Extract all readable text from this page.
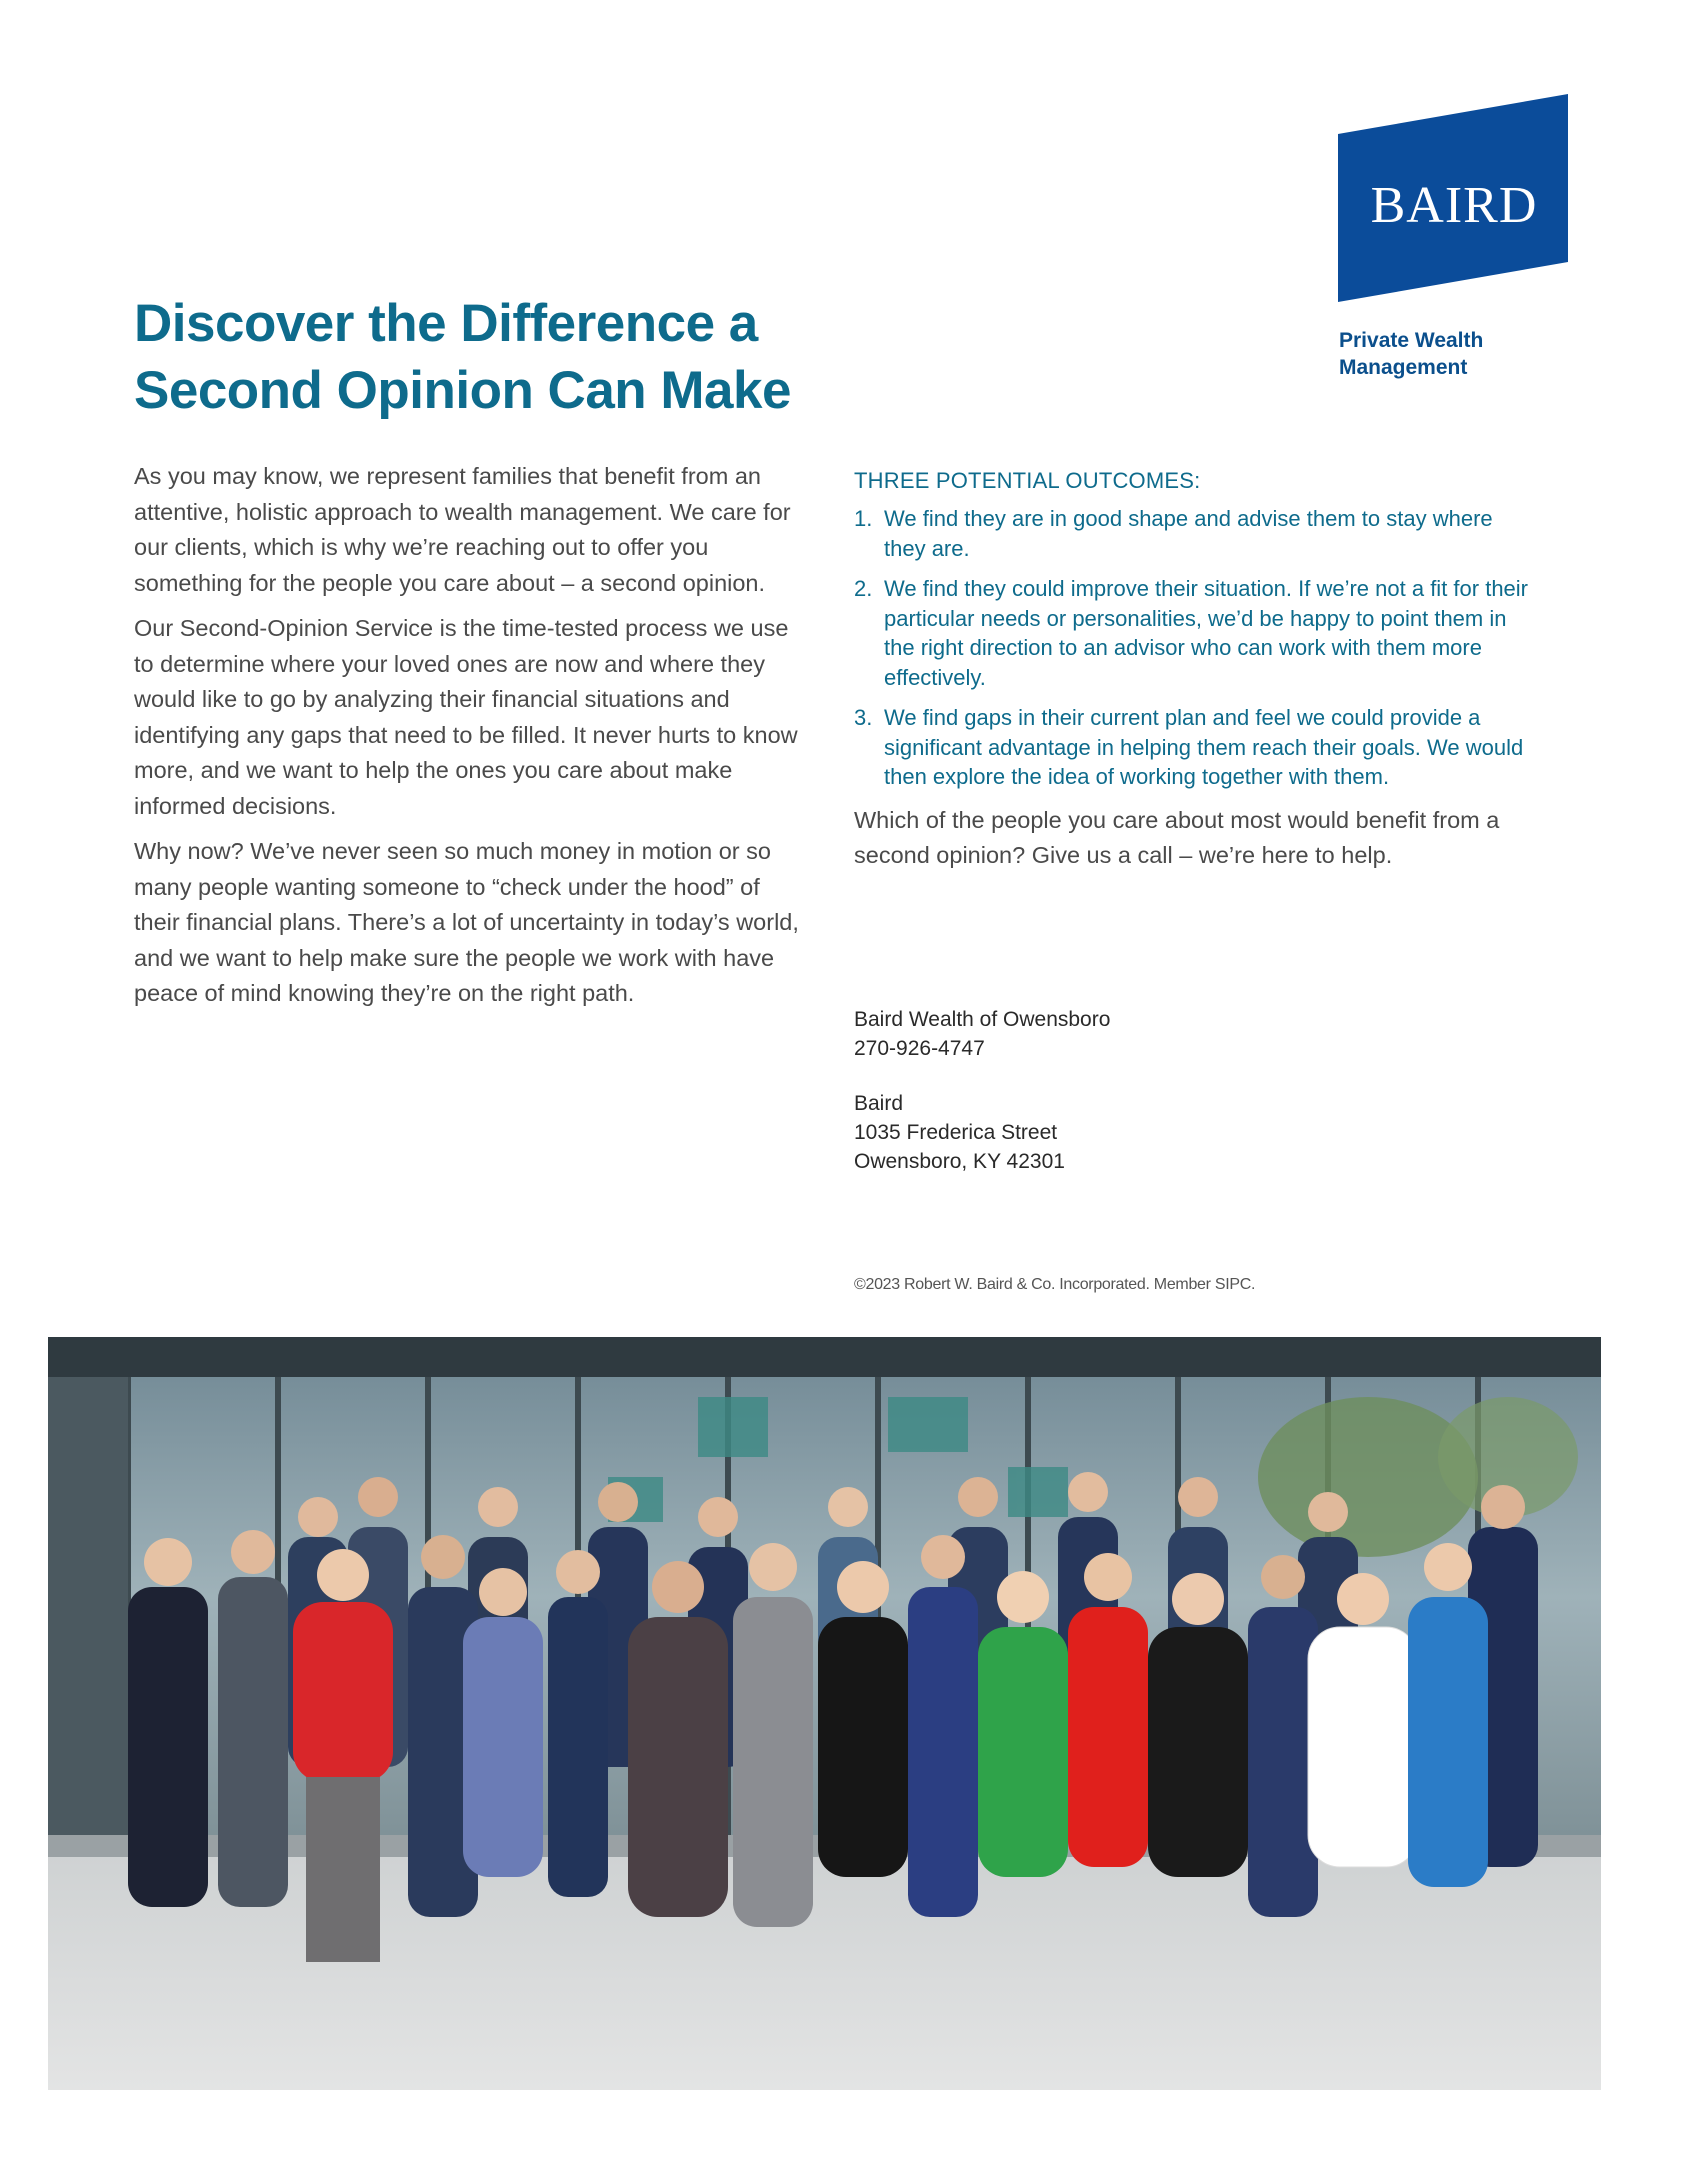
BAIRD
Private Wealth
Management
Discover the Difference a
Second Opinion Can Make

As you may know, we represent families that benefit from an attentive, holistic approach to wealth management. We care for our clients, which is why we’re reaching out to offer you something for the people you care about – a second opinion.

Our Second-Opinion Service is the time-tested process we use to determine where your loved ones are now and where they would like to go by analyzing their financial situations and identifying any gaps that need to be filled. It never hurts to know more, and we want to help the ones you care about make informed decisions.

Why now? We’ve never seen so much money in motion or so many people wanting someone to “check under the hood” of their financial plans. There’s a lot of uncertainty in today’s world, and we want to help make sure the people we work with have peace of mind knowing they’re on the right path.

THREE POTENTIAL OUTCOMES:
1. We find they are in good shape and advise them to stay where they are.
2. We find they could improve their situation. If we’re not a fit for their particular needs or personalities, we’d be happy to point them in the right direction to an advisor who can work with them more effectively.
3. We find gaps in their current plan and feel we could provide a significant advantage in helping them reach their goals. We would then explore the idea of working together with them.

Which of the people you care about most would benefit from a second opinion? Give us a call – we’re here to help.

Baird Wealth of Owensboro
270-926-4747
Baird
1035 Frederica Street
Owensboro, KY 42301
©2023 Robert W. Baird & Co. Incorporated. Member SIPC.
